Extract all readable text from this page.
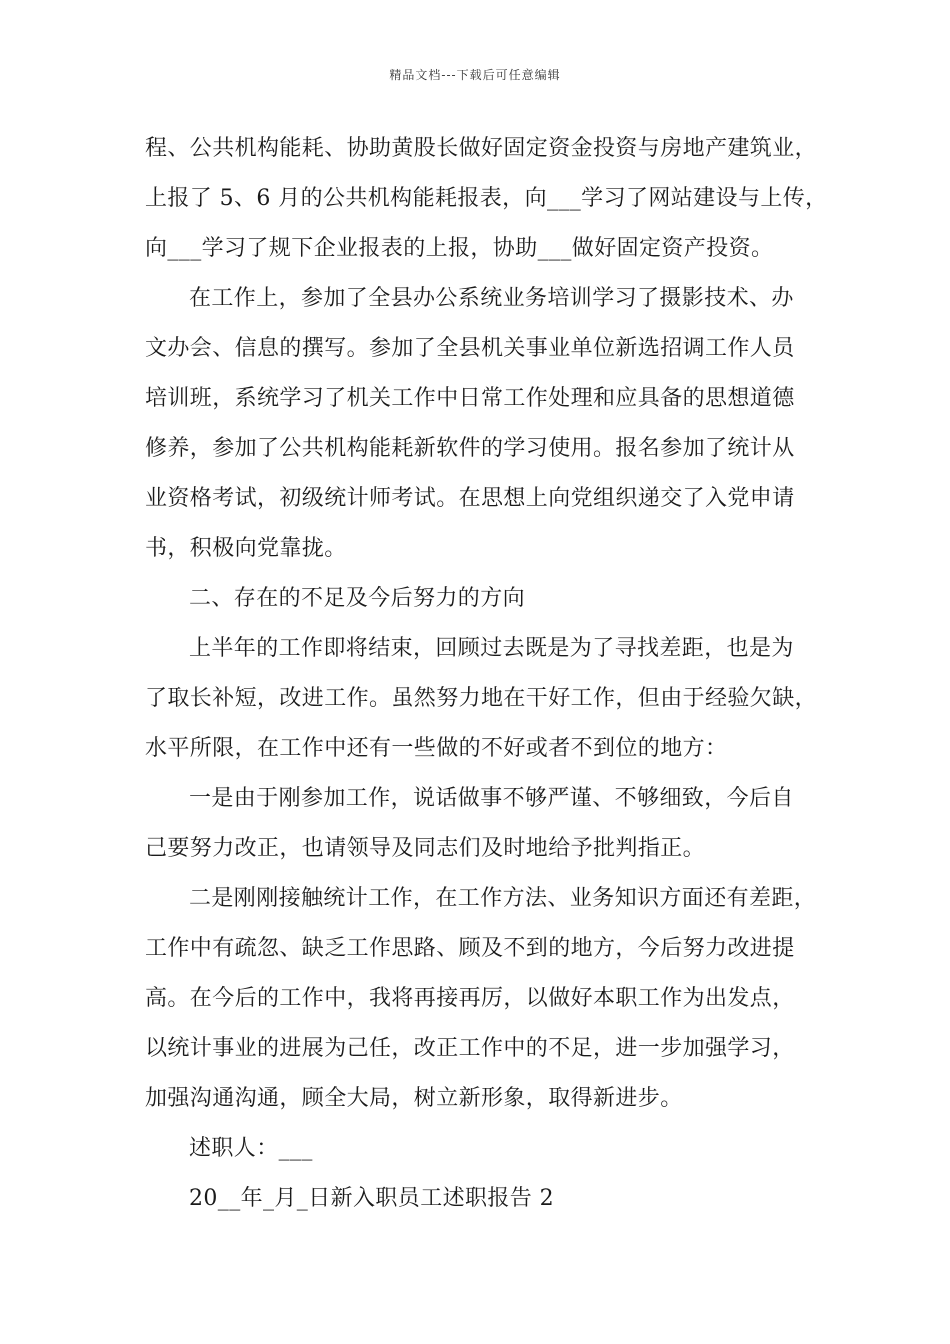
精品文档---下载后可任意编辑
程、公共机构能耗、协助黄股长做好固定资金投资与房地产建筑业，
上报了 5、6 月的公共机构能耗报表，向___学习了网站建设与上传，
向___学习了规下企业报表的上报，协助___做好固定资产投资。
在工作上，参加了全县办公系统业务培训学习了摄影技术、办
文办会、信息的撰写。参加了全县机关事业单位新选招调工作人员
培训班，系统学习了机关工作中日常工作处理和应具备的思想道德
修养，参加了公共机构能耗新软件的学习使用。报名参加了统计从
业资格考试，初级统计师考试。在思想上向党组织递交了入党申请
书，积极向党靠拢。
二、存在的不足及今后努力的方向
上半年的工作即将结束，回顾过去既是为了寻找差距，也是为
了取长补短，改进工作。虽然努力地在干好工作，但由于经验欠缺，
水平所限，在工作中还有一些做的不好或者不到位的地方：
一是由于刚参加工作，说话做事不够严谨、不够细致，今后自
己要努力改正，也请领导及同志们及时地给予批判指正。
二是刚刚接触统计工作，在工作方法、业务知识方面还有差距，
工作中有疏忽、缺乏工作思路、顾及不到的地方，今后努力改进提
高。在今后的工作中，我将再接再厉，以做好本职工作为出发点，
以统计事业的进展为己任，改正工作中的不足，进一步加强学习，
加强沟通沟通，顾全大局，树立新形象，取得新进步。
述职人：___
20__年_月_日新入职员工述职报告 2
